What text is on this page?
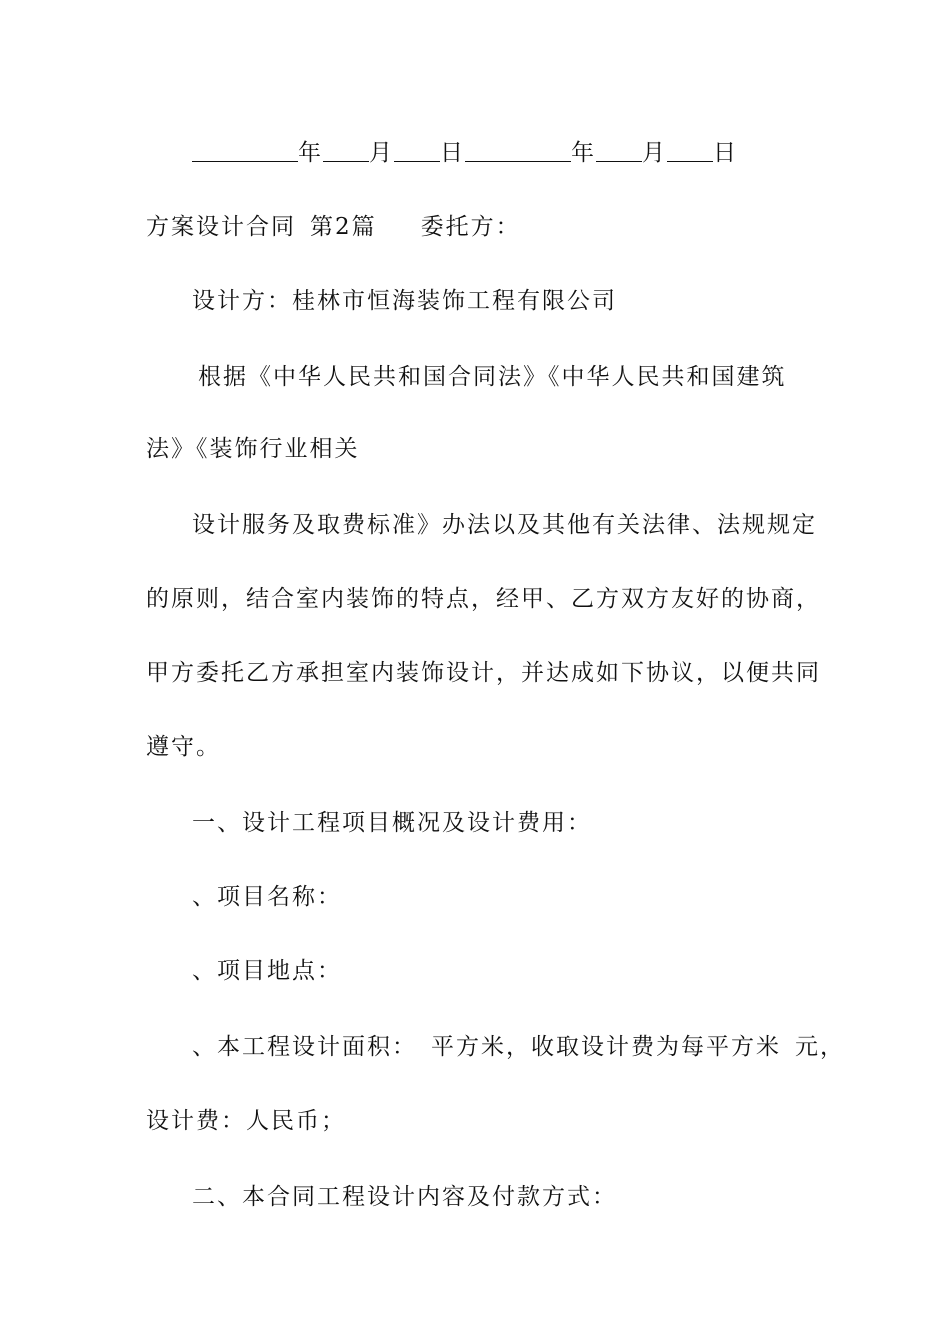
年 月 日	年 月 日
方案设计合同 第2篇 委托方：
设计方：桂林市恒海装饰工程有限公司
根据《中华人民共和国合同法》《中华人民共和国建筑
法》《装饰行业相关
设计服务及取费标准》办法以及其他有关法律、法规规定
的原则，结合室内装饰的特点，经甲、乙方双方友好的协商，
甲方委托乙方承担室内装饰设计，并达成如下协议，以便共同
遵守。
一、设计工程项目概况及设计费用：
、项目名称：
、项目地点：
、本工程设计面积： 平方米，收取设计费为每平方米 元，
设计费：人民币；
二、本合同工程设计内容及付款方式：
